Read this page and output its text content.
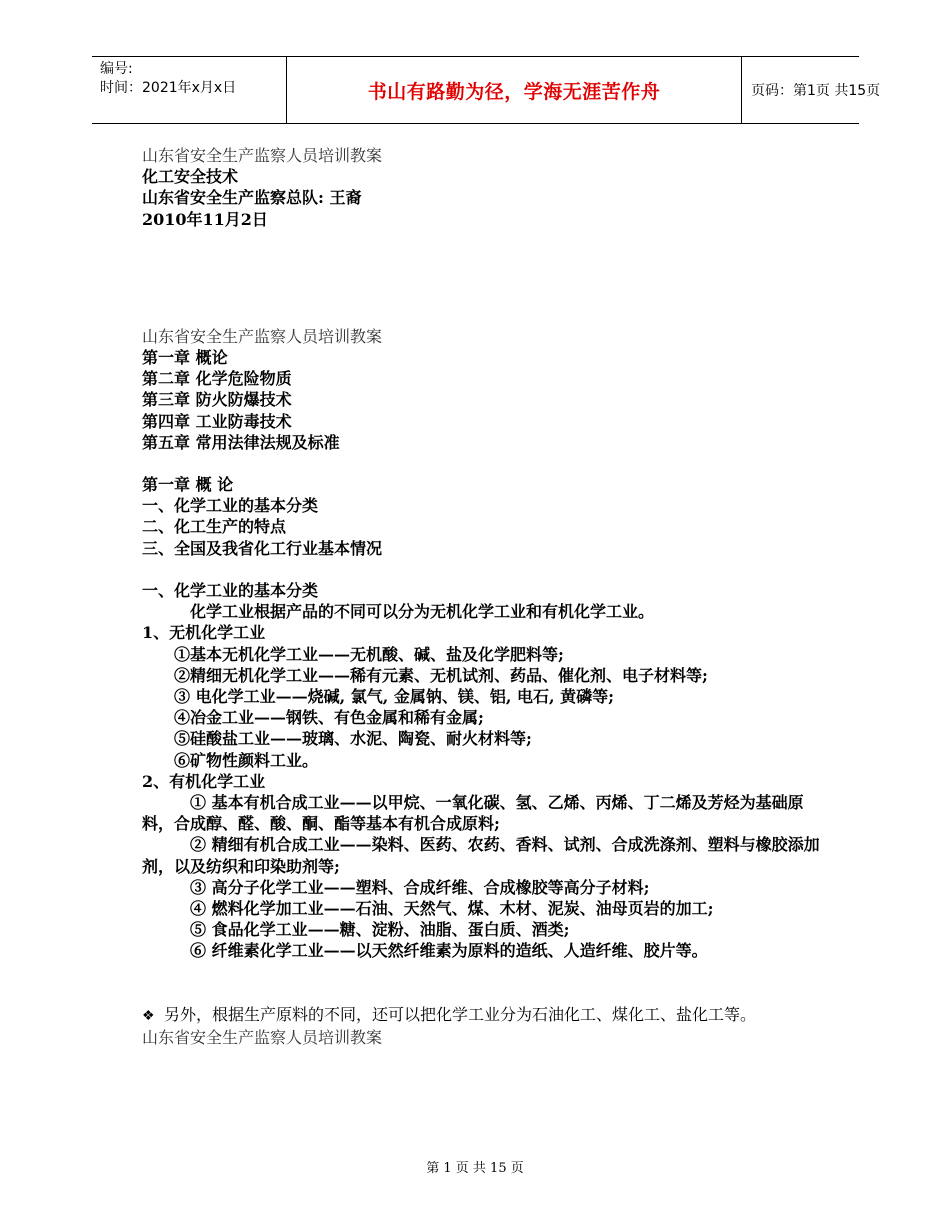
编号:
时间：2021年x月x日	书山有路勤为径，学海无涯苦作舟	页码：第1页 共15页
山东省安全生产监察人员培训教案
化工安全技术
山东省安全生产监察总队: 王裔
2010年11月2日
山东省安全生产监察人员培训教案
第一章 概论
第二章 化学危险物质
第三章 防火防爆技术
第四章 工业防毒技术
第五章 常用法律法规及标准
第一章 概 论
一、化学工业的基本分类
二、化工生产的特点
三、全国及我省化工行业基本情况
一、化学工业的基本分类
化学工业根据产品的不同可以分为无机化学工业和有机化学工业。
1、无机化学工业
①基本无机化学工业——无机酸、碱、盐及化学肥料等;
②精细无机化学工业——稀有元素、无机试剂、药品、催化剂、电子材料等;
③ 电化学工业——烧碱, 氯气, 金属钠、镁、铝, 电石, 黄磷等;
④冶金工业——钢铁、有色金属和稀有金属;
⑤硅酸盐工业——玻璃、水泥、陶瓷、耐火材料等;
⑥矿物性颜料工业。
2、有机化学工业
① 基本有机合成工业——以甲烷、一氧化碳、氢、乙烯、丙烯、丁二烯及芳烃为基础原料，合成醇、醛、酸、酮、酯等基本有机合成原料;
② 精细有机合成工业——染料、医药、农药、香料、试剂、合成洗涤剂、塑料与橡胶添加剂，以及纺织和印染助剂等;
③ 高分子化学工业——塑料、合成纤维、合成橡胶等高分子材料;
④ 燃料化学加工业——石油、天然气、煤、木材、泥炭、油母页岩的加工;
⑤ 食品化学工业——糖、淀粉、油脂、蛋白质、酒类;
⑥ 纤维素化学工业——以天然纤维素为原料的造纸、人造纤维、胶片等。
❖ 另外，根据生产原料的不同，还可以把化学工业分为石油化工、煤化工、盐化工等。
山东省安全生产监察人员培训教案
第 1 页 共 15 页
